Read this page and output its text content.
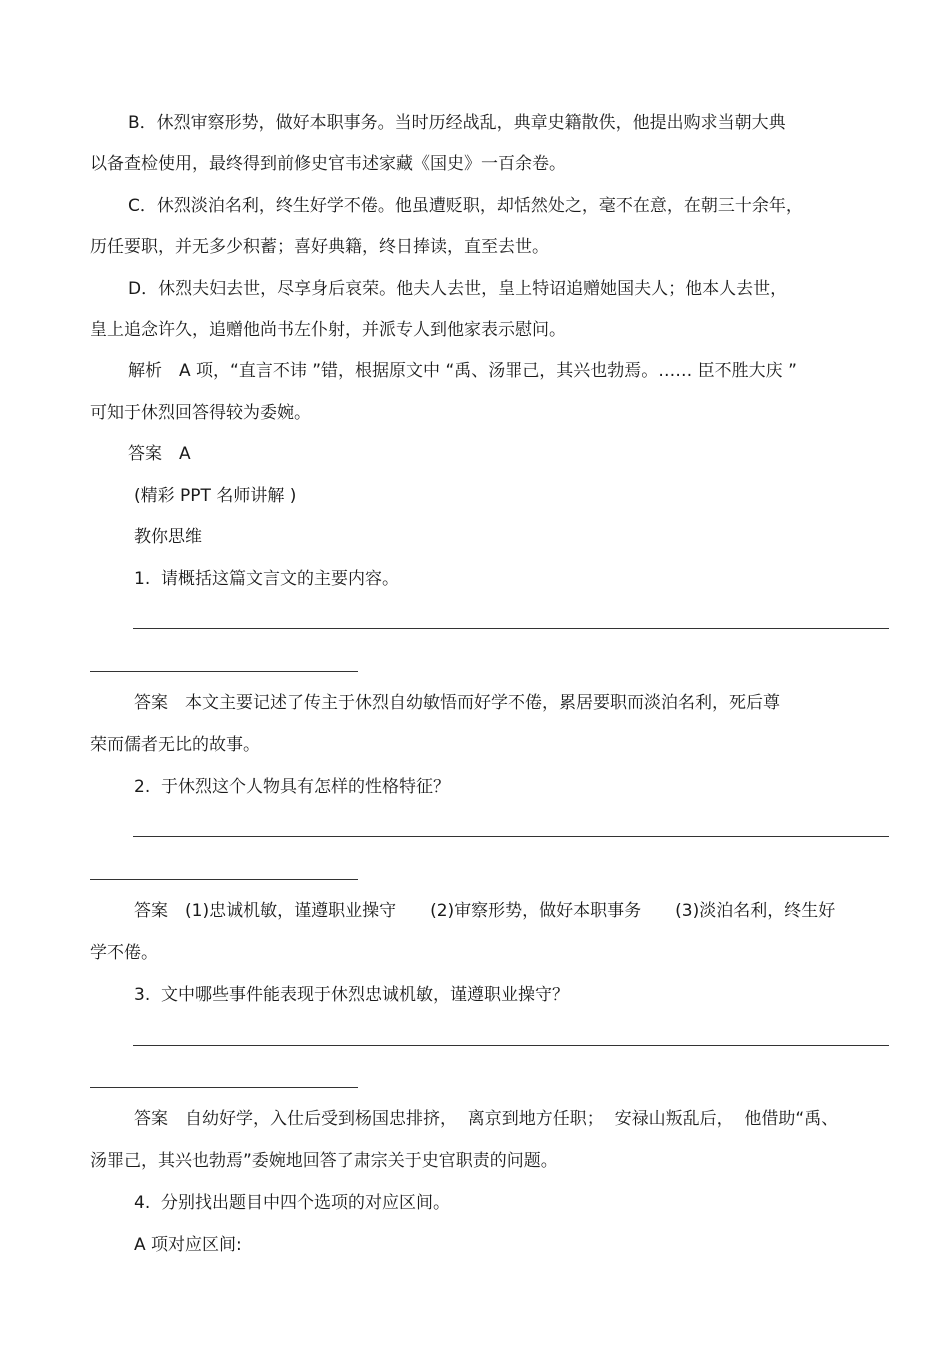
B．休烈审察形势，做好本职事务。当时历经战乱，典章史籍散佚，他提出购求当朝大典
以备查检使用，最终得到前修史官韦述家藏《国史》一百余卷。
C．休烈淡泊名利，终生好学不倦。他虽遭贬职，却恬然处之，毫不在意，在朝三十余年，
历任要职，并无多少积蓄；喜好典籍，终日捧读，直至去世。
D．休烈夫妇去世，尽享身后哀荣。他夫人去世，皇上特诏追赠她国夫人；他本人去世，
皇上追念许久，追赠他尚书左仆射，并派专人到他家表示慰问。
解析　A 项，“直言不讳 ”错，根据原文中 “禹、汤罪己，其兴也勃焉。…… 臣不胜大庆 ”
可知于休烈回答得较为委婉。
答案　A
(精彩 PPT 名师讲解 )
教你思维
1.  请概括这篇文言文的主要内容。
答案　本文主要记述了传主于休烈自幼敏悟而好学不倦，累居要职而淡泊名利，死后尊
荣而儒者无比的故事。
2.  于休烈这个人物具有怎样的性格特征？
答案　(1)忠诚机敏，谨遵职业操守　　(2)审察形势，做好本职事务　　(3)淡泊名利，终生好
学不倦。
3.  文中哪些事件能表现于休烈忠诚机敏，谨遵职业操守？
答案　自幼好学，入仕后受到杨国忠排挤，  离京到地方任职；  安禄山叛乱后，  他借助“禹、
汤罪己，其兴也勃焉”委婉地回答了肃宗关于史官职责的问题。
4.  分别找出题目中四个选项的对应区间。
A 项对应区间:
